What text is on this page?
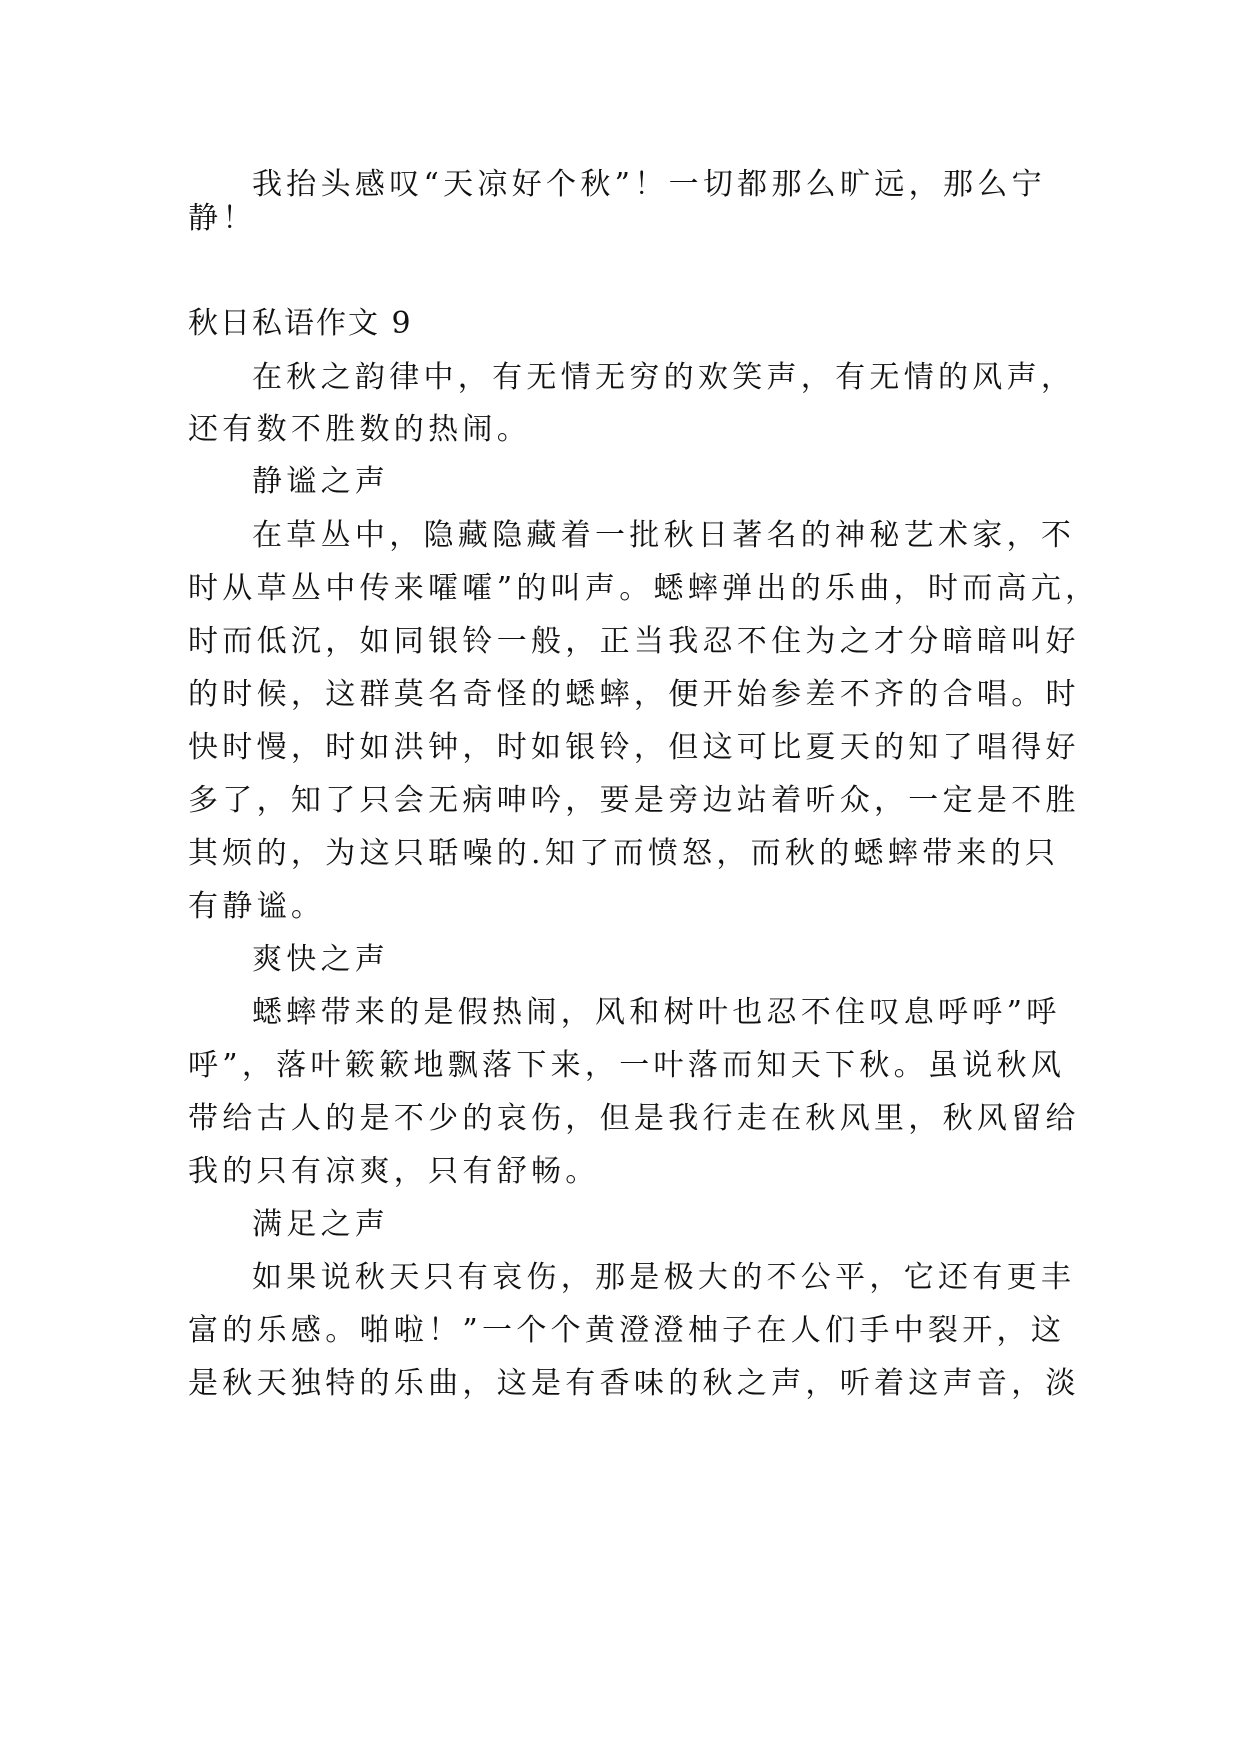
我抬头感叹“天凉好个秋”！一切都那么旷远，那么宁
静！
秋日私语作文 9
在秋之韵律中，有无情无穷的欢笑声，有无情的风声，
还有数不胜数的热闹。
静谧之声
在草丛中，隐藏隐藏着一批秋日著名的神秘艺术家，不
时从草丛中传来嚯嚯”的叫声。蟋蟀弹出的乐曲，时而高亢，
时而低沉，如同银铃一般，正当我忍不住为之才分暗暗叫好
的时候，这群莫名奇怪的蟋蟀，便开始参差不齐的合唱。时
快时慢，时如洪钟，时如银铃，但这可比夏天的知了唱得好
多了，知了只会无病呻吟，要是旁边站着听众，一定是不胜
其烦的，为这只聒噪的.知了而愤怒，而秋的蟋蟀带来的只
有静谧。
爽快之声
蟋蟀带来的是假热闹，风和树叶也忍不住叹息呼呼”呼
呼”，落叶簌簌地飘落下来，一叶落而知天下秋。虽说秋风
带给古人的是不少的哀伤，但是我行走在秋风里，秋风留给
我的只有凉爽，只有舒畅。
满足之声
如果说秋天只有哀伤，那是极大的不公平，它还有更丰
富的乐感。啪啦！”一个个黄澄澄柚子在人们手中裂开，这
是秋天独特的乐曲，这是有香味的秋之声，听着这声音，淡
